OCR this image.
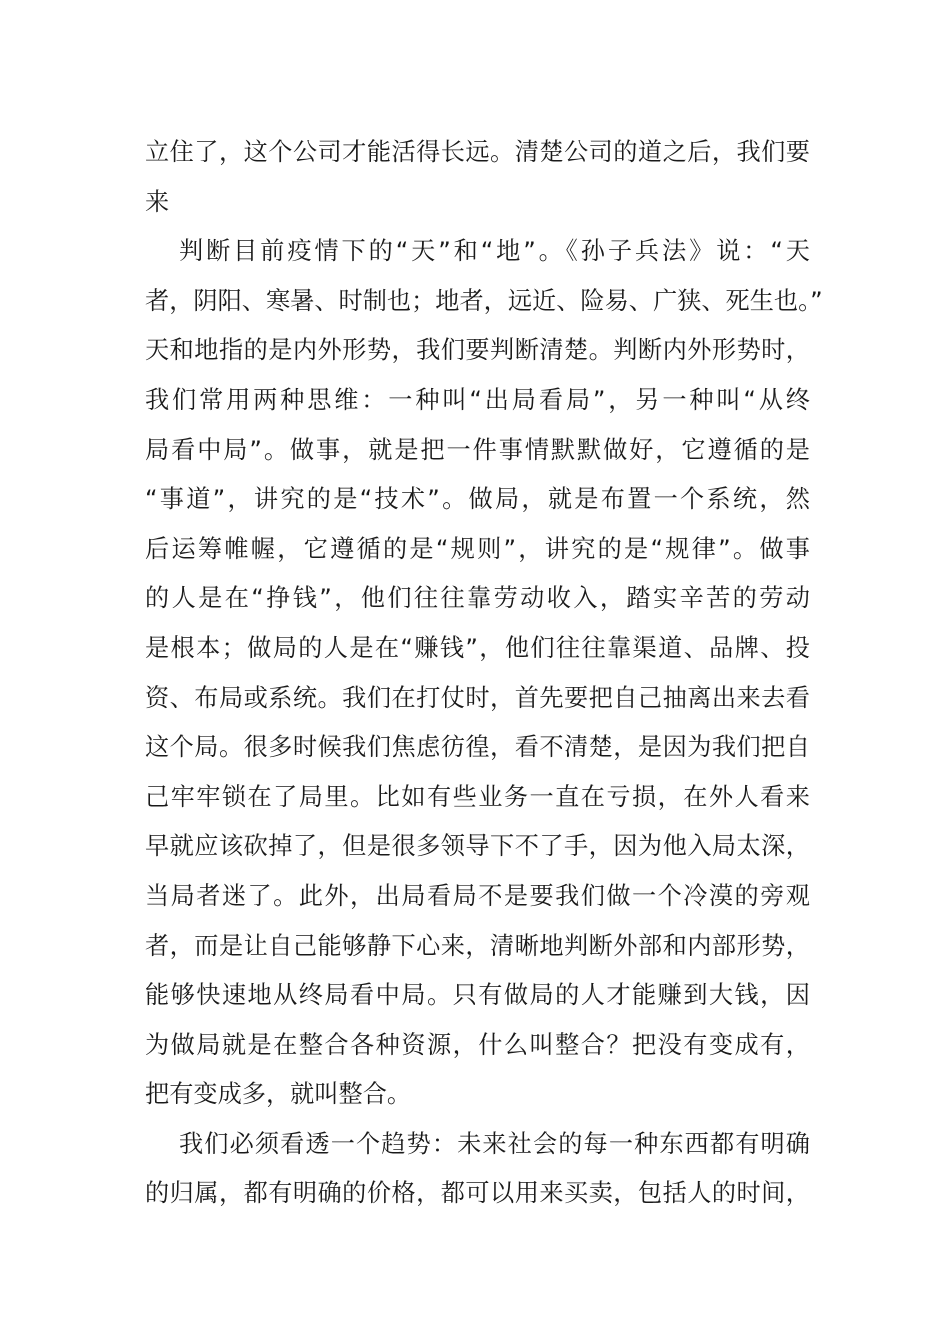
立住了，这个公司才能活得长远。清楚公司的道之后，我们要
来
判断目前疫情下的“天”和“地”。《孙子兵法》说：“天
者，阴阳、寒暑、时制也；地者，远近、险易、广狭、死生也。”
天和地指的是内外形势，我们要判断清楚。判断内外形势时，
我们常用两种思维：一种叫“出局看局”，另一种叫“从终
局看中局”。做事，就是把一件事情默默做好，它遵循的是
“事道”，讲究的是“技术”。做局，就是布置一个系统，然
后运筹帷幄，它遵循的是“规则”，讲究的是“规律”。做事
的人是在“挣钱”，他们往往靠劳动收入，踏实辛苦的劳动
是根本；做局的人是在“赚钱”，他们往往靠渠道、品牌、投
资、布局或系统。我们在打仗时，首先要把自己抽离出来去看
这个局。很多时候我们焦虑彷徨，看不清楚，是因为我们把自
己牢牢锁在了局里。比如有些业务一直在亏损，在外人看来
早就应该砍掉了，但是很多领导下不了手，因为他入局太深，
当局者迷了。此外，出局看局不是要我们做一个冷漠的旁观
者，而是让自己能够静下心来，清晰地判断外部和内部形势，
能够快速地从终局看中局。只有做局的人才能赚到大钱，因
为做局就是在整合各种资源，什么叫整合？把没有变成有，
把有变成多，就叫整合。
我们必须看透一个趋势：未来社会的每一种东西都有明确
的归属，都有明确的价格，都可以用来买卖，包括人的时间，
